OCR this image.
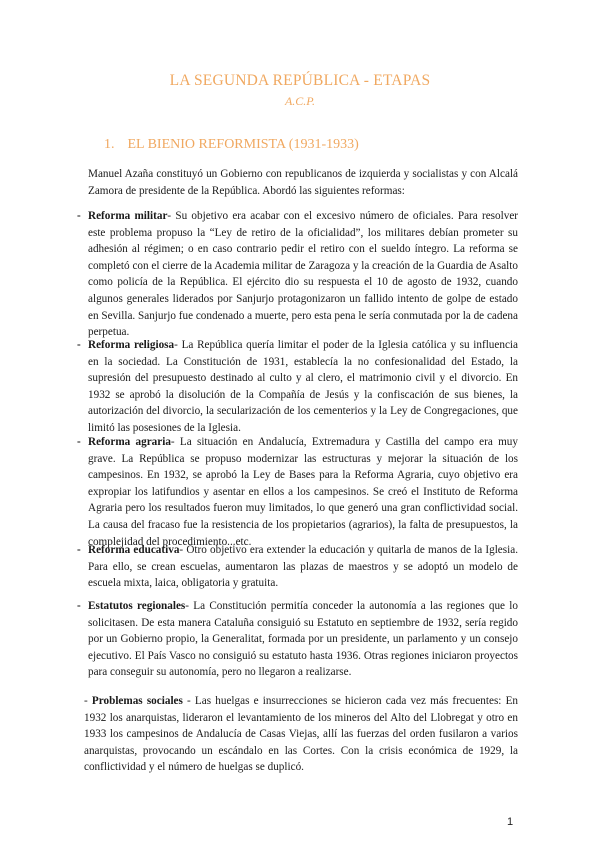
LA SEGUNDA REPÚBLICA - ETAPAS
A.C.P.
1. EL BIENIO REFORMISTA (1931-1933)
Manuel Azaña constituyó un Gobierno con republicanos de izquierda y socialistas y con Alcalá Zamora de presidente de la República. Abordó las siguientes reformas:
- Reforma militar- Su objetivo era acabar con el excesivo número de oficiales. Para resolver este problema propuso la “Ley de retiro de la oficialidad”, los militares debían prometer su adhesión al régimen; o en caso contrario pedir el retiro con el sueldo íntegro. La reforma se completó con el cierre de la Academia militar de Zaragoza y la creación de la Guardia de Asalto como policía de la República. El ejército dio su respuesta el 10 de agosto de 1932, cuando algunos generales liderados por Sanjurjo protagonizaron un fallido intento de golpe de estado en Sevilla. Sanjurjo fue condenado a muerte, pero esta pena le sería conmutada por la de cadena perpetua.
- Reforma religiosa- La República quería limitar el poder de la Iglesia católica y su influencia en la sociedad. La Constitución de 1931, establecía la no confesionalidad del Estado, la supresión del presupuesto destinado al culto y al clero, el matrimonio civil y el divorcio. En 1932 se aprobó la disolución de la Compañía de Jesús y la confiscación de sus bienes, la autorización del divorcio, la secularización de los cementerios y la Ley de Congregaciones, que limitó las posesiones de la Iglesia.
- Reforma agraria- La situación en Andalucía, Extremadura y Castilla del campo era muy grave. La República se propuso modernizar las estructuras y mejorar la situación de los campesinos. En 1932, se aprobó la Ley de Bases para la Reforma Agraria, cuyo objetivo era expropiar los latifundios y asentar en ellos a los campesinos. Se creó el Instituto de Reforma Agraria pero los resultados fueron muy limitados, lo que generó una gran conflictividad social. La causa del fracaso fue la resistencia de los propietarios (agrarios), la falta de presupuestos, la complejidad del procedimiento...etc.
- Reforma educativa- Otro objetivo era extender la educación y quitarla de manos de la Iglesia. Para ello, se crean escuelas, aumentaron las plazas de maestros y se adoptó un modelo de escuela mixta, laica, obligatoria y gratuita.
- Estatutos regionales- La Constitución permitía conceder la autonomía a las regiones que lo solicitasen. De esta manera Cataluña consiguió su Estatuto en septiembre de 1932, sería regido por un Gobierno propio, la Generalitat, formada por un presidente, un parlamento y un consejo ejecutivo. El País Vasco no consiguió su estatuto hasta 1936. Otras regiones iniciaron proyectos para conseguir su autonomía, pero no llegaron a realizarse.
- Problemas sociales - Las huelgas e insurrecciones se hicieron cada vez más frecuentes: En 1932 los anarquistas, lideraron el levantamiento de los mineros del Alto del Llobregat y otro en 1933 los campesinos de Andalucía de Casas Viejas, allí las fuerzas del orden fusilaron a varios anarquistas, provocando un escándalo en las Cortes. Con la crisis económica de 1929, la conflictividad y el número de huelgas se duplicó.
1
